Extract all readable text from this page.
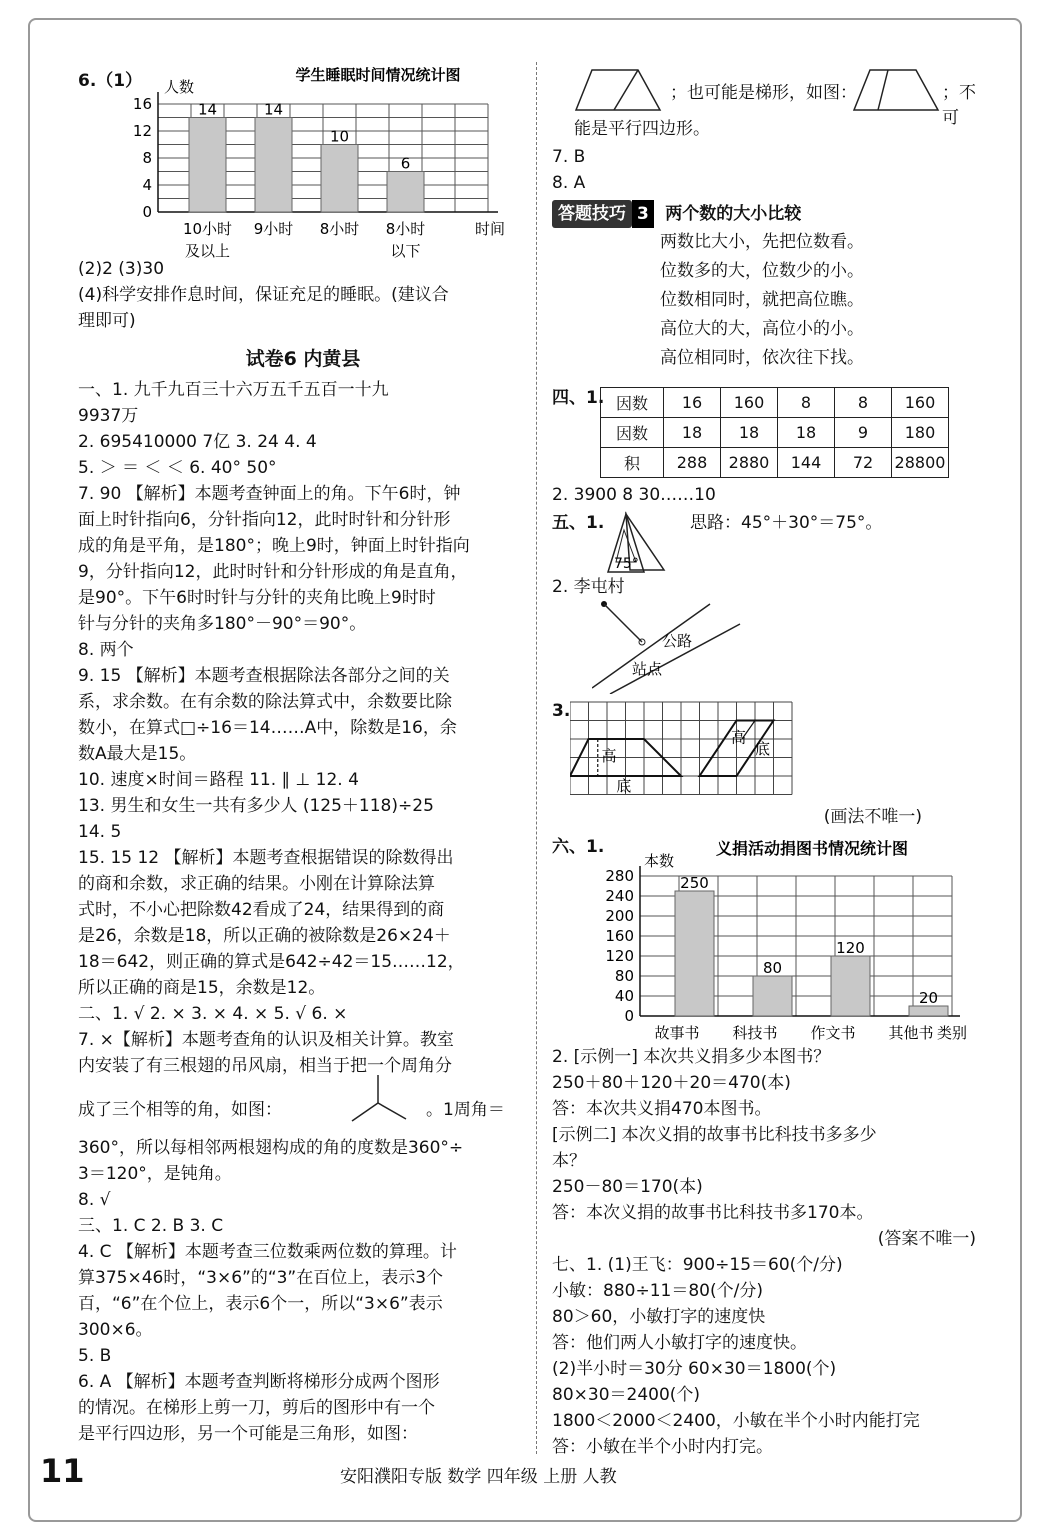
6.（1）	学生睡眠时间情况统计图
人数
0
4
8
12
16	14
10小时
及以上
14
9小时
10
8小时
6
8小时
以下
时间
(2)2 (3)30
(4)科学安排作息时间，保证充足的睡眠。(建议合
理即可)
试卷6 内黄县
一、1. 九千九百三十六万五千五百一十九
9937万
2. 695410000 7亿 3. 24 4. 4
5. ＞ ＝ ＜ ＜ 6. 40° 50°
7. 90 【解析】本题考查钟面上的角。下午6时，钟
面上时针指向6，分针指向12，此时时针和分针形
成的角是平角，是180°；晚上9时，钟面上时针指向
9，分针指向12，此时时针和分针形成的角是直角，
是90°。下午6时时针与分针的夹角比晚上9时时
针与分针的夹角多180°－90°＝90°。
8. 两个
9. 15 【解析】本题考查根据除法各部分之间的关
系，求余数。在有余数的除法算式中，余数要比除
数小，在算式□÷16＝14……A中，除数是16，余
数A最大是15。
10. 速度×时间＝路程 11. ∥ ⊥ 12. 4
13. 男生和女生一共有多少人 (125＋118)÷25
14. 5
15. 15 12 【解析】本题考查根据错误的除数得出
的商和余数，求正确的结果。小刚在计算除法算
式时，不小心把除数42看成了24，结果得到的商
是26，余数是18，所以正确的被除数是26×24＋
18＝642，则正确的算式是642÷42＝15……12，
所以正确的商是15，余数是12。
二、1. √ 2. × 3. × 4. × 5. √ 6. ×
7. ×【解析】本题考查角的认识及相关计算。教室
内安装了有三根翅的吊风扇，相当于把一个周角分
成了三个相等的角，如图：	。1周角＝
360°，所以每相邻两根翅构成的角的度数是360°÷
3＝120°，是钝角。
8. √
三、1. C 2. B 3. C
4. C 【解析】本题考查三位数乘两位数的算理。计
算375×46时，“3×6”的“3”在百位上，表示3个
百，“6”在个位上，表示6个一，所以“3×6”表示
300×6。
5. B
6. A 【解析】本题考查判断将梯形分成两个图形
的情况。在梯形上剪一刀，剪后的图形中有一个
是平行四边形，另一个可能是三角形，如图：
；也可能是梯形，如图：	；不可
能是平行四边形。
7. B
8. A
答题技巧 3 两个数的大小比较
两数比大小，先把位数看。
位数多的大，位数少的小。
位数相同时，就把高位瞧。
高位大的大，高位小的小。
高位相同时，依次往下找。
四、1. 因数	16	160	8	8	160
因数	18	18	18	9	180
积	288	2880	144	72	28800
2. 3900 8 30……10
五、1.	思路：45°＋30°＝75°。
75°
2. 李屯村
公路
站点
3.
高
底
高
底
(画法不唯一)
六、1.	义捐活动捐图书情况统计图
本数
0
40
80
120
160
200
240
280	250
故事书
80
科技书
120
作文书
20
其他书 类别
2. [示例一] 本次共义捐多少本图书？
250＋80＋120＋20＝470(本)
答：本次共义捐470本图书。
[示例二] 本次义捐的故事书比科技书多多少
本？
250－80＝170(本)
答：本次义捐的故事书比科技书多170本。
(答案不唯一)
七、1. (1)王飞：900÷15＝60(个/分)
小敏：880÷11＝80(个/分)
80＞60，小敏打字的速度快
答：他们两人小敏打字的速度快。
(2)半小时＝30分 60×30＝1800(个)
80×30＝2400(个)
1800＜2000＜2400，小敏在半个小时内能打完
答：小敏在半个小时内打完。
11	安阳濮阳专版 数学 四年级 上册 人教
